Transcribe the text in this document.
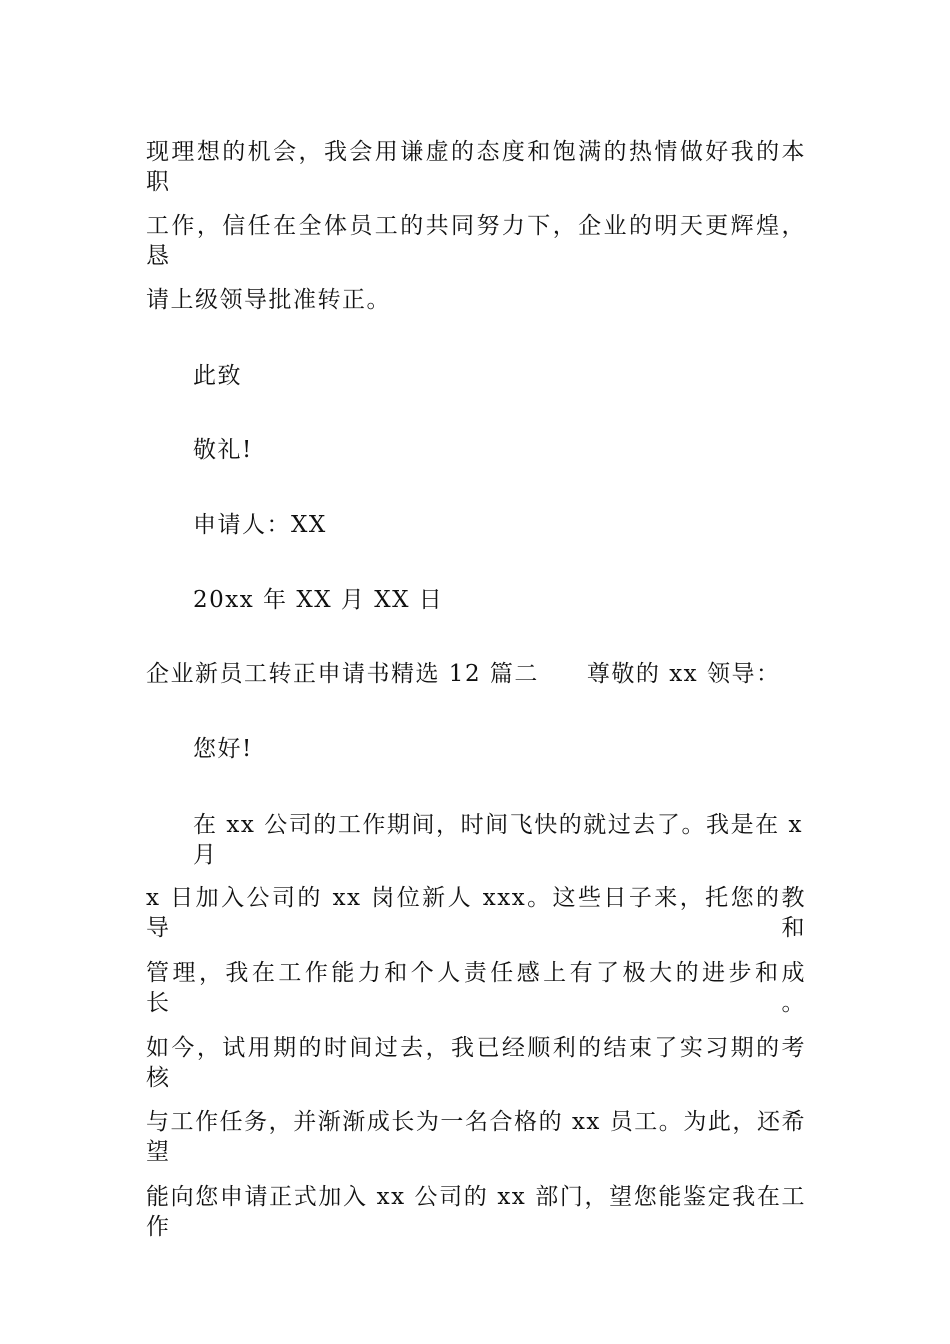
现理想的机会，我会用谦虚的态度和饱满的热情做好我的本职
工作，信任在全体员工的共同努力下，企业的明天更辉煌，恳
请上级领导批准转正。
此致
敬礼!
申请人：XX
20xx 年 XX 月 XX 日
企业新员工转正申请书精选 12 篇二 尊敬的 xx 领导：
您好!
在 xx 公司的工作期间，时间飞快的就过去了。我是在 x 月
x 日加入公司的 xx 岗位新人 xxx。这些日子来，托您的教导和
管理，我在工作能力和个人责任感上有了极大的进步和成长。
如今，试用期的时间过去，我已经顺利的结束了实习期的考核
与工作任务，并渐渐成长为一名合格的 xx 员工。为此，还希望
能向您申请正式加入 xx 公司的 xx 部门，望您能鉴定我在工作
